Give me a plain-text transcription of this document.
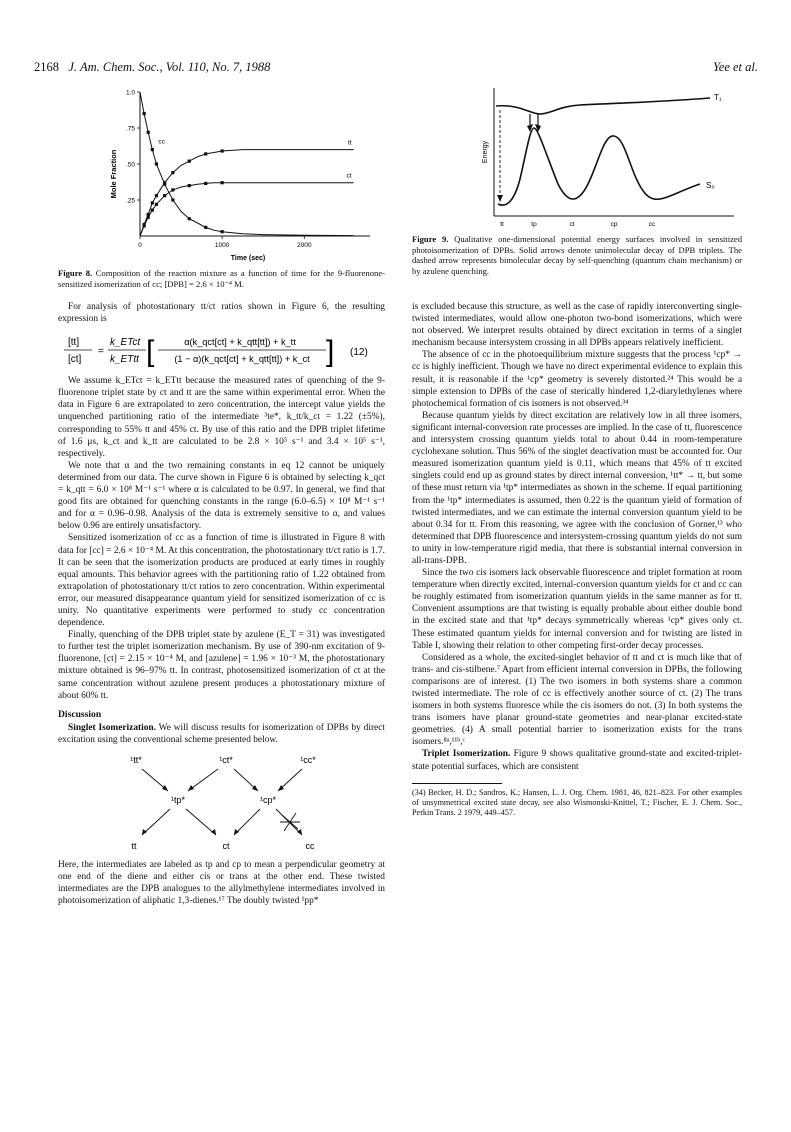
2168 J. Am. Chem. Soc., Vol. 110, No. 7, 1988	Yee et al.
.25
.50
.75
1.0
0	1000	2000
tt
ct
cc
Mole Fraction
Time (sec)
Figure 8. Composition of the reaction mixture as a function of time for the 9-fluorenone-sensitized isomerization of cc; [DPB] = 2.6 × 10⁻⁴ M.

For analysis of photostationary tt/ct ratios shown in Figure 6, the resulting expression is

[tt]
[ct]
=
k_ETct
k_ETtt [	α(k_qct[ct] + k_qtt[tt]) + k_tt
(1 − α)(k_qct[ct] + k_qtt[tt]) + k_ct ] (12)

We assume k_ETct = k_ETtt because the measured rates of quenching of the 9-fluorenone triplet state by ct and tt are the same within experimental error. When the data in Figure 6 are extrapolated to zero concentration, the intercept value yields the unquenched partitioning ratio of the intermediate ³te*, k_tt/k_ct = 1.22 (±5%), corresponding to 55% tt and 45% ct. By use of this ratio and the DPB triplet lifetime of 1.6 μs, k_ct and k_tt are calculated to be 2.8 × 10⁵ s⁻¹ and 3.4 × 10⁵ s⁻¹, respectively.

We note that α and the two remaining constants in eq 12 cannot be uniquely determined from our data. The curve shown in Figure 6 is obtained by selecting k_qct = k_qtt = 6.0 × 10⁸ M⁻¹ s⁻¹ where α is calculated to be 0.97. In general, we find that good fits are obtained for quenching constants in the range (6.0–6.5) × 10⁸ M⁻¹ s⁻¹ and for α = 0.96–0.98. Analysis of the data is extremely sensitive to α, and values below 0.96 are entirely unsatisfactory.

Sensitized isomerization of cc as a function of time is illustrated in Figure 8 with data for [cc] = 2.6 × 10⁻⁴ M. At this concentration, the photostationary tt/ct ratio is 1.7. It can be seen that the isomerization products are produced at early times in roughly equal amounts. This behavior agrees with the partitioning ratio of 1.22 obtained from extrapolation of photostationary tt/ct ratios to zero concentration. Within experimental error, our measured disappearance quantum yield for sensitized isomerization of cc is unity. No quantitative experiments were performed to study cc concentration dependence.

Finally, quenching of the DPB triplet state by azulene (E_T = 31) was investigated to further test the triplet isomerization mechanism. By use of 390-nm excitation of 9-fluorenone, [ct] = 2.15 × 10⁻⁴ M, and [azulene] = 1.96 × 10⁻³ M, the photostationary mixture obtained is 96–97% tt. In contrast, photosensitized isomerization of ct at the same concentration without azulene present produces a photostationary mixture of about 60% tt.

Discussion

Singlet Isomerization. We will discuss results for isomerization of DPBs by direct excitation using the conventional scheme presented below.

¹tt*	¹ct*	¹cc*
¹tp*	¹cp*
tt	ct	cc

Here, the intermediates are labeled as tp and cp to mean a perpendicular geometry at one end of the diene and either cis or trans at the other end. These twisted intermediates are the DPB analogues to the allylmethylene intermediates involved in photoisomerization of aliphatic 1,3-dienes.¹⁷ The doubly twisted ¹pp*

Energy
T₁
S₀
tt	tp	ct	cp	cc
Figure 9. Qualitative one-dimensional potential energy surfaces involved in sensitized photoisomerization of DPBs. Solid arrows denote unimolecular decay of DPB triplets. The dashed arrow represents bimolecular decay by self-quenching (quantum chain mechanism) or by azulene quenching.

is excluded because this structure, as well as the case of rapidly interconverting single-twisted intermediates, would allow one-photon two-bond isomerizations, which were not observed. We interpret results obtained by direct excitation in terms of a singlet mechanism because intersystem crossing in all DPBs appears relatively inefficient.

The absence of cc in the photoequilibrium mixture suggests that the process ¹cp* → cc is highly inefficient. Though we have no direct experimental evidence to explain this result, it is reasonable if the ¹cp* geometry is severely distorted.²⁴ This would be a simple extension to DPBs of the case of sterically hindered 1,2-diarylethylenes where photochemical formation of cis isomers is not observed.³⁴

Because quantum yields by direct excitation are relatively low in all three isomers, significant internal-conversion rate processes are implied. In the case of tt, fluorescence and intersystem crossing quantum yields total to about 0.44 in room-temperature cyclohexane solution. Thus 56% of the singlet deactivation must be accounted for. Our measured isomerization quantum yield is 0.11, which means that 45% of tt excited singlets could end up as ground states by direct internal conversion, ¹tt* → tt, but some of these must return via ¹tp* intermediates as shown in the scheme. If equal partitioning from the ¹tp* intermediates is assumed, then 0.22 is the quantum yield of formation of twisted intermediates, and we can estimate the internal conversion quantum yield to be about 0.34 for tt. From this reasoning, we agree with the conclusion of Gorner,¹³ who determined that DPB fluorescence and intersystem-crossing quantum yields do not sum to unity in low-temperature rigid media, that there is substantial internal conversion in all-trans-DPB.

Since the two cis isomers lack observable fluorescence and triplet formation at room temperature when directly excited, internal-conversion quantum yields for ct and cc can be roughly estimated from isomerization quantum yields in the same manner as for tt. Convenient assumptions are that twisting is equally probable about either double bond in the excited state and that ¹tp* decays symmetrically whereas ¹cp* gives only ct. These estimated quantum yields for internal conversion and for twisting are listed in Table I, showing their relation to other competing first-order decay processes.

Considered as a whole, the excited-singlet behavior of tt and ct is much like that of trans- and cis-stilbene.⁷ Apart from efficient internal conversion in DPBs, the following comparisons are of interest. (1) The two isomers in both systems share a common twisted intermediate. The role of cc is effectively another source of ct. (2) The trans isomers in both systems fluoresce while the cis isomers do not. (3) In both systems the trans isomers have planar ground-state geometries and near-planar excited-state geometries. (4) A small potential barrier to isomerization exists for the trans isomers.⁸ᵃ,¹¹ᵇ,ᶜ

Triplet Isomerization. Figure 9 shows qualitative ground-state and excited-triplet-state potential surfaces, which are consistent

(34) Becker, H. D.; Sandros, K.; Hansen, L. J. Org. Chem. 1981, 46, 821–823. For other examples of unsymmetrical excited state decay, see also Wismonski-Knittel, T.; Fischer, E. J. Chem. Soc., Perkin Trans. 2 1979, 449–457.
